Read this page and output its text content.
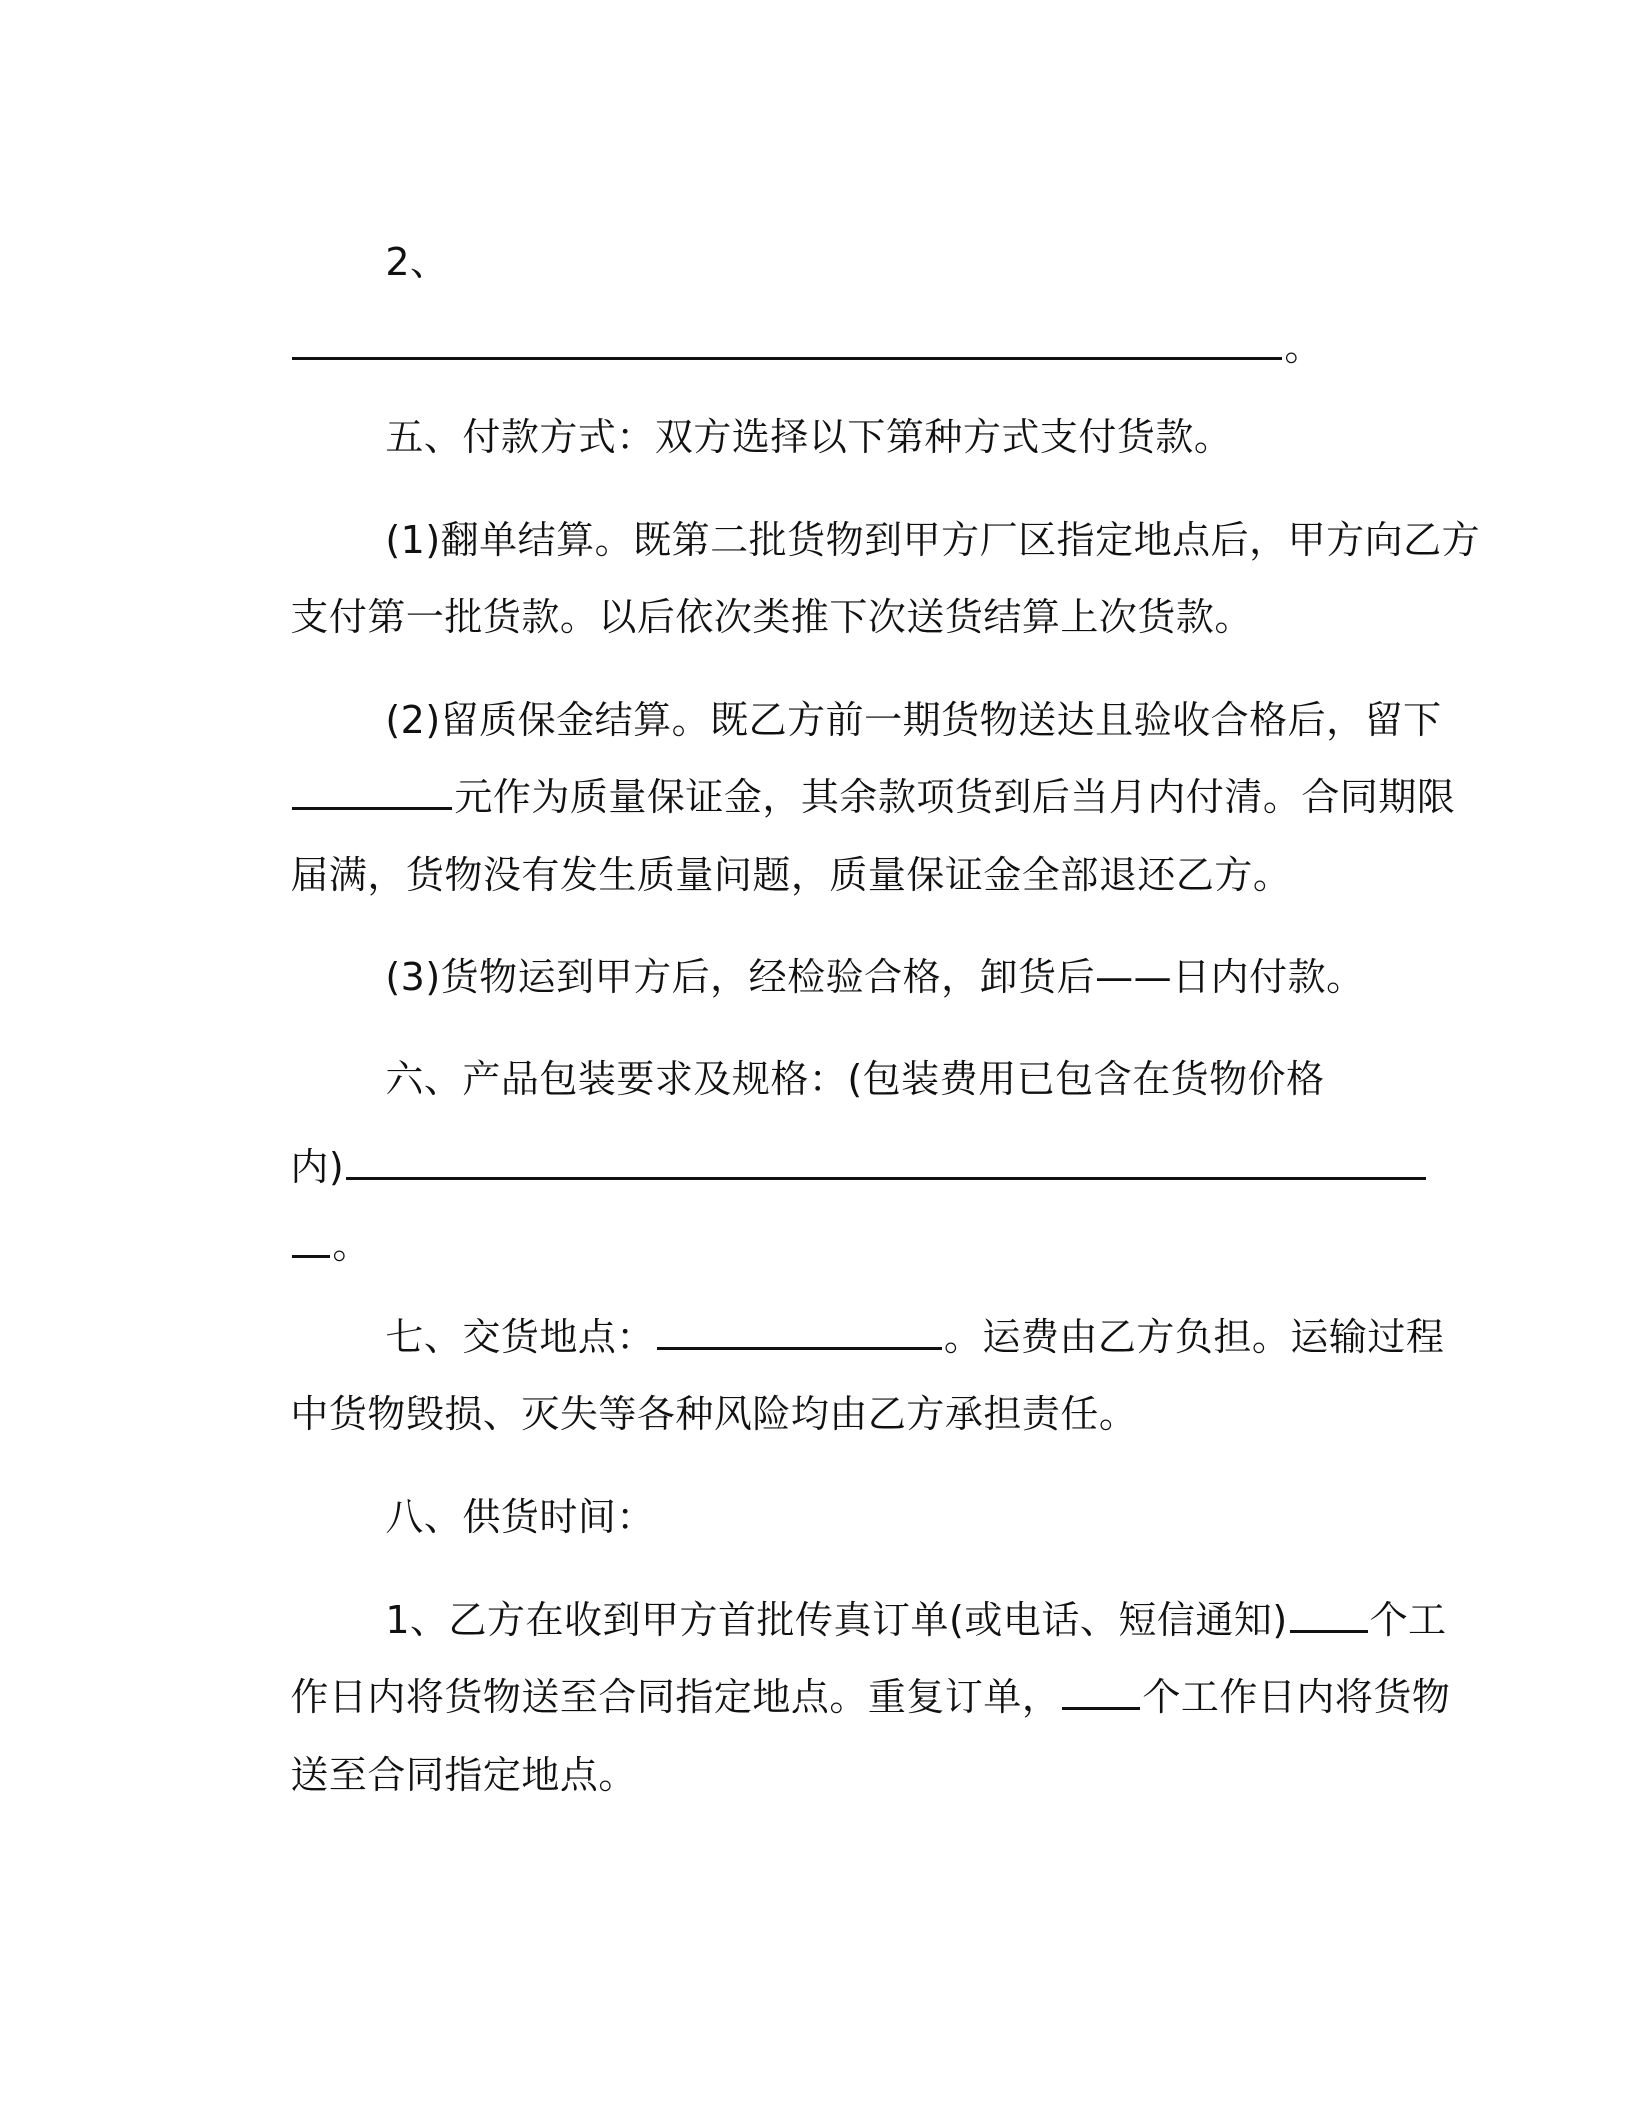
2、

。

五、付款方式：双方选择以下第种方式支付货款。

(1)翻单结算。既第二批货物到甲方厂区指定地点后，甲方向乙方

支付第一批货款。以后依次类推下次送货结算上次货款。

(2)留质保金结算。既乙方前一期货物送达且验收合格后，留下

元作为质量保证金，其余款项货到后当月内付清。合同期限

届满，货物没有发生质量问题，质量保证金全部退还乙方。

(3)货物运到甲方后，经检验合格，卸货后——日内付款。

六、产品包装要求及规格：(包装费用已包含在货物价格

内)

。

七、交货地点：	。运费由乙方负担。运输过程

中货物毁损、灭失等各种风险均由乙方承担责任。

八、供货时间：

1、乙方在收到甲方首批传真订单(或电话、短信通知) 个工

作日内将货物送至合同指定地点。重复订单， 个工作日内将货物

送至合同指定地点。
